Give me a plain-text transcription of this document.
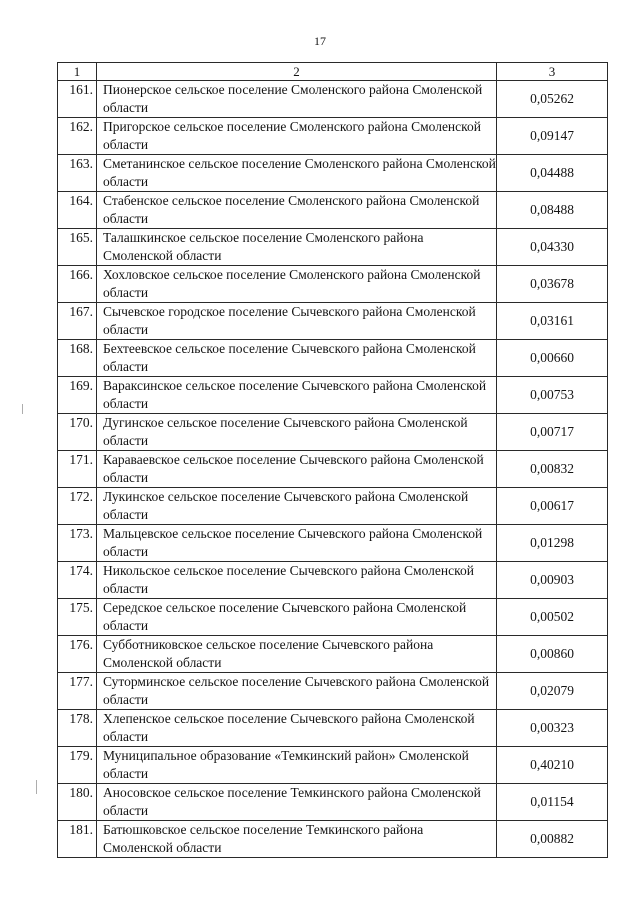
17
1	2	3
161.	Пионерское сельское поселение Смоленского района Смоленской области	0,05262
162.	Пригорское сельское поселение Смоленского района Смоленской области	0,09147
163.	Сметанинское сельское поселение Смоленского района Смоленской области	0,04488
164.	Стабенское сельское поселение Смоленского района Смоленской области	0,08488
165.	Талашкинское сельское поселение Смоленского района Смоленской области	0,04330
166.	Хохловское сельское поселение Смоленского района Смоленской области	0,03678
167.	Сычевское городское поселение Сычевского района Смоленской области	0,03161
168.	Бехтеевское сельское поселение Сычевского района Смоленской области	0,00660
169.	Вараксинское сельское поселение Сычевского района Смоленской области	0,00753
170.	Дугинское сельское поселение Сычевского района Смоленской области	0,00717
171.	Караваевское сельское поселение Сычевского района Смоленской области	0,00832
172.	Лукинское сельское поселение Сычевского района Смоленской области	0,00617
173.	Мальцевское сельское поселение Сычевского района Смоленской области	0,01298
174.	Никольское сельское поселение Сычевского района Смоленской области	0,00903
175.	Середское сельское поселение Сычевского района Смоленской области	0,00502
176.	Субботниковское сельское поселение Сычевского района Смоленской области	0,00860
177.	Суторминское сельское поселение Сычевского района Смоленской области	0,02079
178.	Хлепенское сельское поселение Сычевского района Смоленской области	0,00323
179.	Муниципальное образование «Темкинский район» Смоленской области	0,40210
180.	Аносовское сельское поселение Темкинского района Смоленской области	0,01154
181.	Батюшковское сельское поселение Темкинского района Смоленской области	0,00882
